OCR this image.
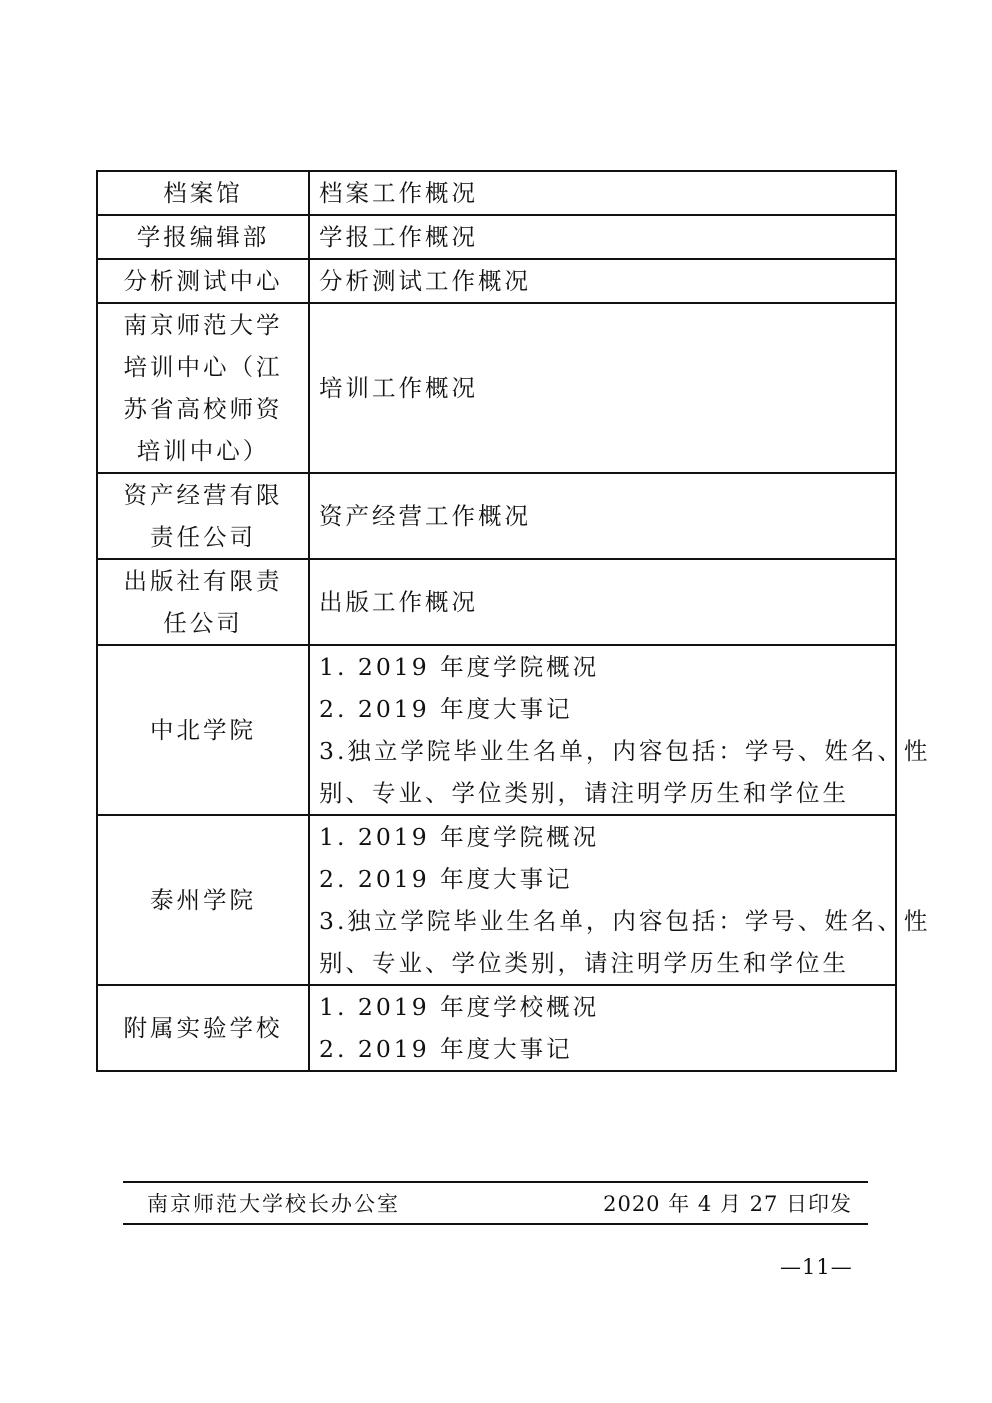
档案馆	档案工作概况

学报编辑部	学报工作概况

分析测试中心	分析测试工作概况

南京师范大学
培训中心（江
苏省高校师资
培训中心）	培训工作概况

资产经营有限
责任公司	资产经营工作概况

出版社有限责
任公司	出版工作概况

中北学院	1. 2019 年度学院概况
2. 2019 年度大事记
3.独立学院毕业生名单，内容包括：学号、姓名、性
别、专业、学位类别，请注明学历生和学位生

泰州学院	1. 2019 年度学院概况
2. 2019 年度大事记
3.独立学院毕业生名单，内容包括：学号、姓名、性
别、专业、学位类别，请注明学历生和学位生

附属实验学校	1. 2019 年度学校概况
2. 2019 年度大事记
南京师范大学校长办公室	2020 年 4 月 27 日印发
—11—
